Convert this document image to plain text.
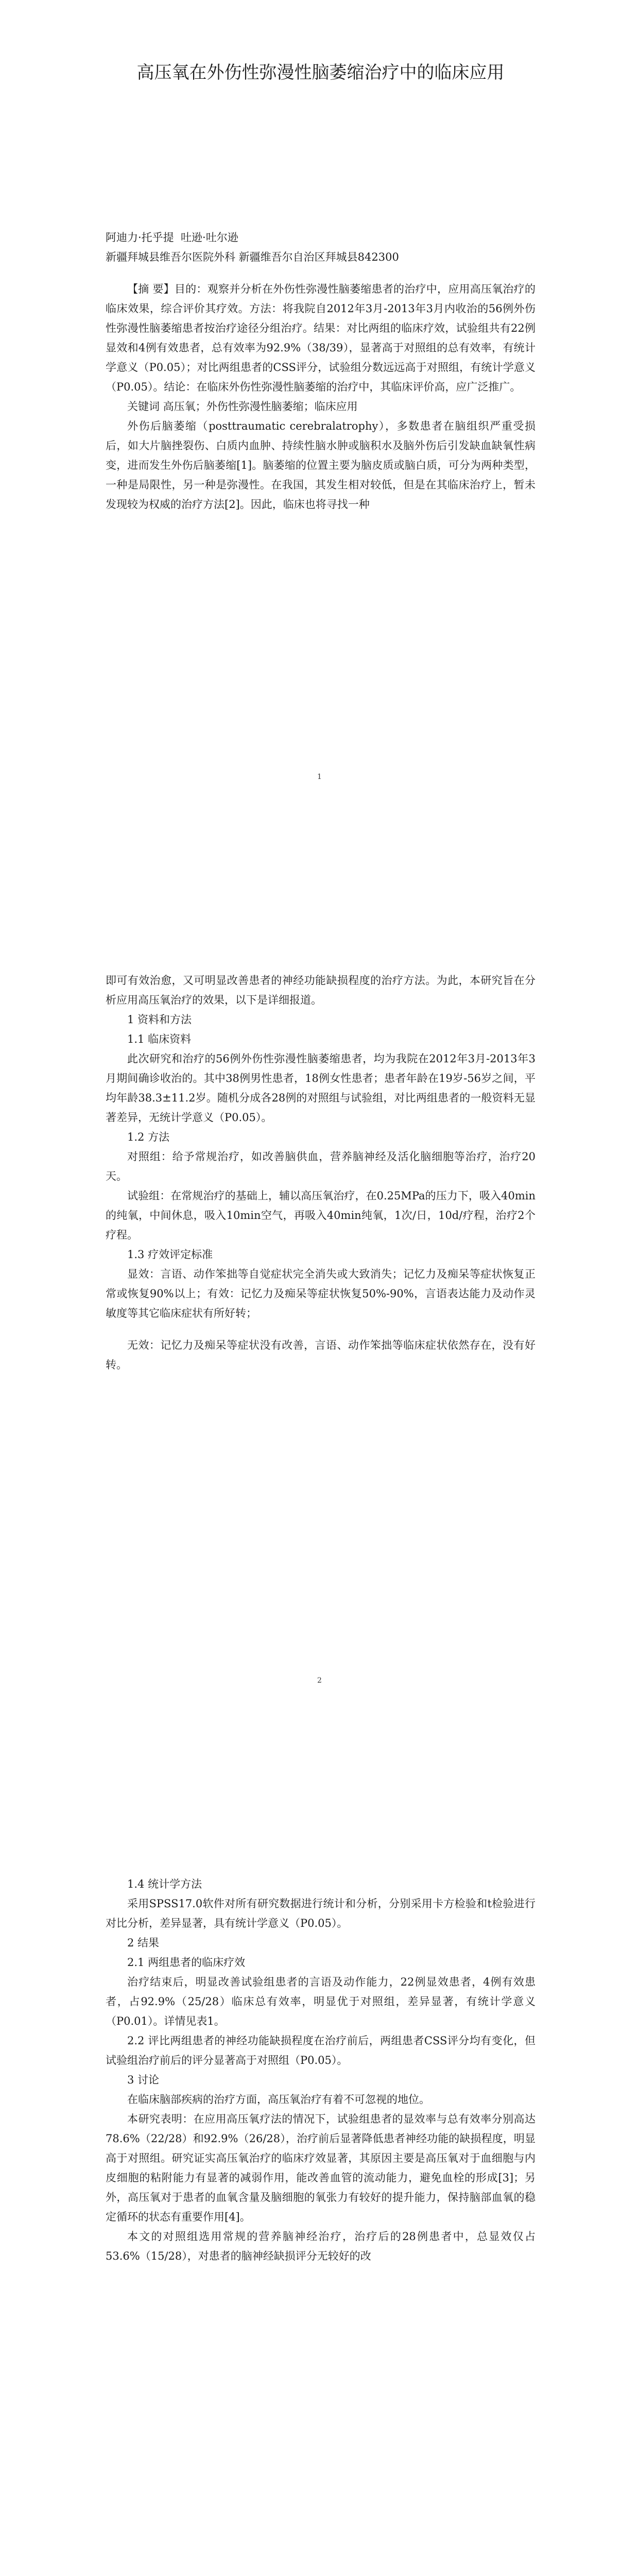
高压氧在外伤性弥漫性脑萎缩治疗中的临床应用

阿迪力·托乎提  吐逊·吐尔逊

新疆拜城县维吾尔医院外科 新疆维吾尔自治区拜城县842300

【摘 要】目的：观察并分析在外伤性弥漫性脑萎缩患者的治疗中，应用高压氧治疗的临床效果，综合评价其疗效。方法：将我院自2012年3月-2013年3月内收治的56例外伤性弥漫性脑萎缩患者按治疗途径分组治疗。结果：对比两组的临床疗效，试验组共有22例显效和4例有效患者，总有效率为92.9%（38/39），显著高于对照组的总有效率，有统计学意义（P0.05）；对比两组患者的CSS评分，试验组分数远远高于对照组，有统计学意义（P0.05）。结论：在临床外伤性弥漫性脑萎缩的治疗中，其临床评价高，应广泛推广。

关键词 高压氧；外伤性弥漫性脑萎缩；临床应用

外伤后脑萎缩（posttraumatic cerebralatrophy），多数患者在脑组织严重受损后，如大片脑挫裂伤、白质内血肿、持续性脑水肿或脑积水及脑外伤后引发缺血缺氧性病变，进而发生外伤后脑萎缩[1]。脑萎缩的位置主要为脑皮质或脑白质，可分为两种类型，一种是局限性，另一种是弥漫性。在我国，其发生相对较低，但是在其临床治疗上，暂未发现较为权威的治疗方法[2]。因此，临床也将寻找一种

1

即可有效治愈，又可明显改善患者的神经功能缺损程度的治疗方法。为此，本研究旨在分析应用高压氧治疗的效果，以下是详细报道。

1 资料和方法

1.1 临床资料

此次研究和治疗的56例外伤性弥漫性脑萎缩患者，均为我院在2012年3月-2013年3月期间确诊收治的。其中38例男性患者，18例女性患者；患者年龄在19岁-56岁之间，平均年龄38.3±11.2岁。随机分成各28例的对照组与试验组，对比两组患者的一般资料无显著差异，无统计学意义（P0.05）。

1.2 方法

对照组：给予常规治疗，如改善脑供血，营养脑神经及活化脑细胞等治疗，治疗20天。

试验组：在常规治疗的基础上，辅以高压氧治疗，在0.25MPa的压力下，吸入40min的纯氧，中间休息，吸入10min空气，再吸入40min纯氧，1次/日，10d/疗程，治疗2个疗程。

1.3 疗效评定标准

显效：言语、动作笨拙等自觉症状完全消失或大致消失；记忆力及痴呆等症状恢复正常或恢复90%以上；有效：记忆力及痴呆等症状恢复50%-90%，言语表达能力及动作灵敏度等其它临床症状有所好转；

无效：记忆力及痴呆等症状没有改善，言语、动作笨拙等临床症状依然存在，没有好转。

2

1.4 统计学方法

采用SPSS17.0软件对所有研究数据进行统计和分析，分别采用卡方检验和t检验进行对比分析，差异显著，具有统计学意义（P0.05）。

2 结果

2.1 两组患者的临床疗效

治疗结束后，明显改善试验组患者的言语及动作能力，22例显效患者，4例有效患者，占92.9%（25/28）临床总有效率，明显优于对照组，差异显著，有统计学意义（P0.01）。详情见表1。

2.2 评比两组患者的神经功能缺损程度在治疗前后，两组患者CSS评分均有变化，但试验组治疗前后的评分显著高于对照组（P0.05）。

3 讨论

在临床脑部疾病的治疗方面，高压氧治疗有着不可忽视的地位。

本研究表明：在应用高压氧疗法的情况下，试验组患者的显效率与总有效率分别高达78.6%（22/28）和92.9%（26/28），治疗前后显著降低患者神经功能的缺损程度，明显高于对照组。研究证实高压氧治疗的临床疗效显著，其原因主要是高压氧对于血细胞与内皮细胞的粘附能力有显著的减弱作用，能改善血管的流动能力，避免血栓的形成[3]；另外，高压氧对于患者的血氧含量及脑细胞的氧张力有较好的提升能力，保持脑部血氧的稳定循环的状态有重要作用[4]。

本文的对照组选用常规的营养脑神经治疗，治疗后的28例患者中，总显效仅占53.6%（15/28），对患者的脑神经缺损评分无较好的改
